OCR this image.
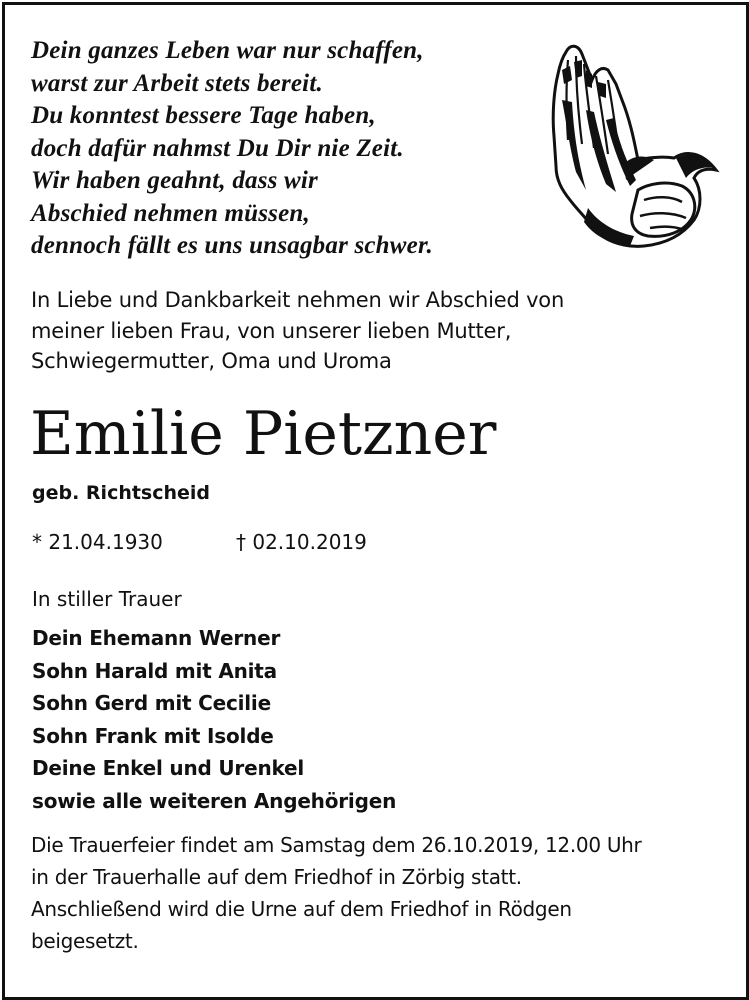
Dein ganzes Leben war nur schaffen,
warst zur Arbeit stets bereit.
Du konntest bessere Tage haben,
doch dafür nahmst Du Dir nie Zeit.
Wir haben geahnt, dass wir
Abschied nehmen müssen,
dennoch fällt es uns unsagbar schwer.
In Liebe und Dankbarkeit nehmen wir Abschied von
meiner lieben Frau, von unserer lieben Mutter,
Schwiegermutter, Oma und Uroma
Emilie Pietzner
geb. Richtscheid
* 21.04.1930	† 02.10.2019
In stiller Trauer
Dein Ehemann Werner
Sohn Harald mit Anita
Sohn Gerd mit Cecilie
Sohn Frank mit Isolde
Deine Enkel und Urenkel
sowie alle weiteren Angehörigen
Die Trauerfeier findet am Samstag dem 26.10.2019, 12.00 Uhr
in der Trauerhalle auf dem Friedhof in Zörbig statt.
Anschließend wird die Urne auf dem Friedhof in Rödgen
beigesetzt.
